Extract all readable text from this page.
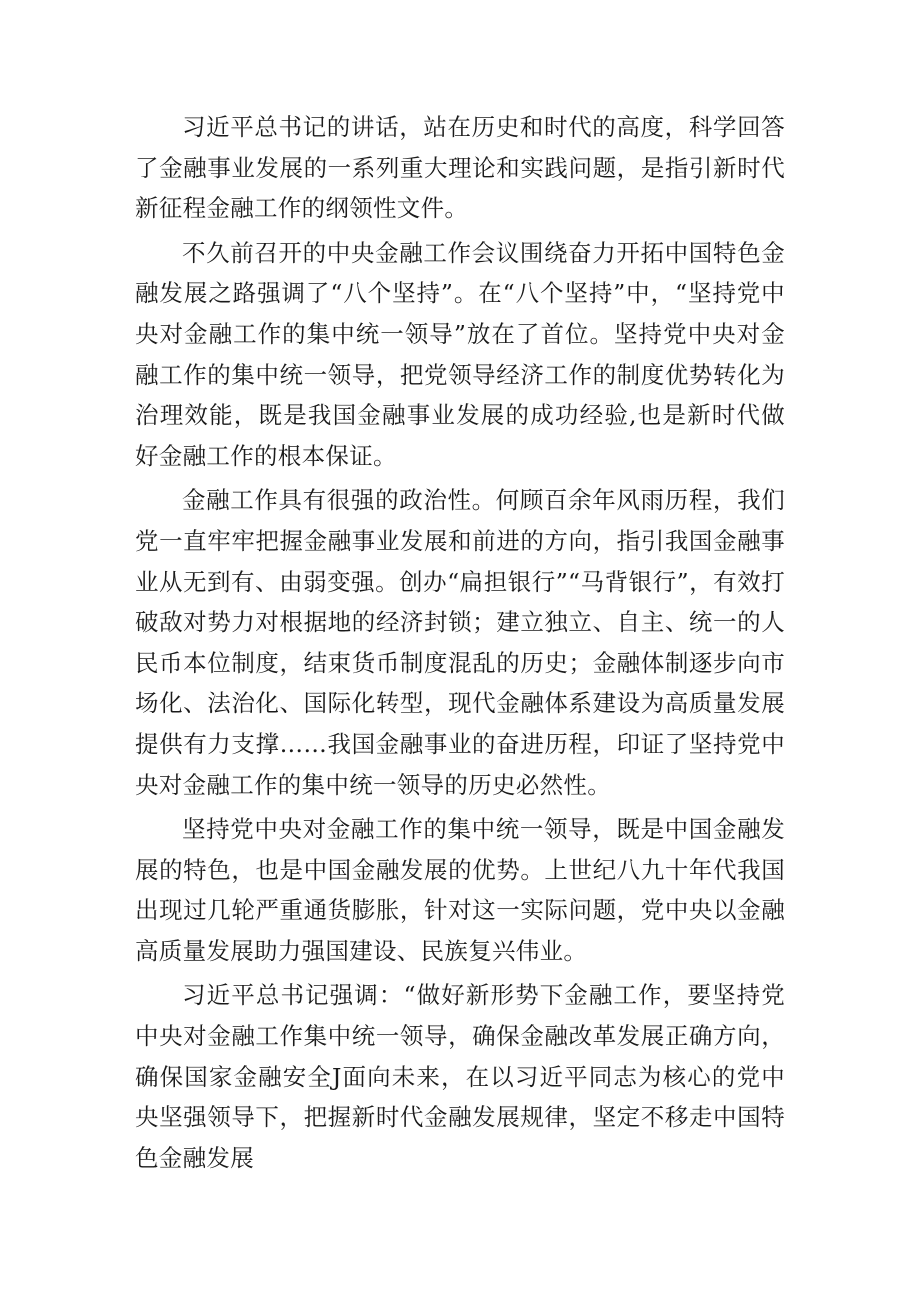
习近平总书记的讲话，站在历史和时代的高度，科学回答了金融事业发展的一系列重大理论和实践问题，是指引新时代新征程金融工作的纲领性文件。

不久前召开的中央金融工作会议围绕奋力开拓中国特色金融发展之路强调了“八个坚持”。在“八个坚持”中，“坚持党中央对金融工作的集中统一领导”放在了首位。坚持党中央对金融工作的集中统一领导，把党领导经济工作的制度优势转化为治理效能，既是我国金融事业发展的成功经验,也是新时代做好金融工作的根本保证。

金融工作具有很强的政治性。何顾百余年风雨历程，我们党一直牢牢把握金融事业发展和前进的方向，指引我国金融事业从无到有、由弱变强。创办“扁担银行”“马背银行”，有效打破敌对势力对根据地的经济封锁；建立独立、自主、统一的人民币本位制度，结束货币制度混乱的历史；金融体制逐步向市场化、法治化、国际化转型，现代金融体系建设为高质量发展提供有力支撑……我国金融事业的奋进历程，印证了坚持党中央对金融工作的集中统一领导的历史必然性。

坚持党中央对金融工作的集中统一领导，既是中国金融发展的特色，也是中国金融发展的优势。上世纪八九十年代我国出现过几轮严重通货膨胀，针对这一实际问题，党中央以金融高质量发展助力强国建设、民族复兴伟业。

习近平总书记强调：“做好新形势下金融工作，要坚持党中央对金融工作集中统一领导，确保金融改革发展正确方向，确保国家金融安全J面向未来，在以习近平同志为核心的党中央坚强领导下，把握新时代金融发展规律，坚定不移走中国特色金融发展
